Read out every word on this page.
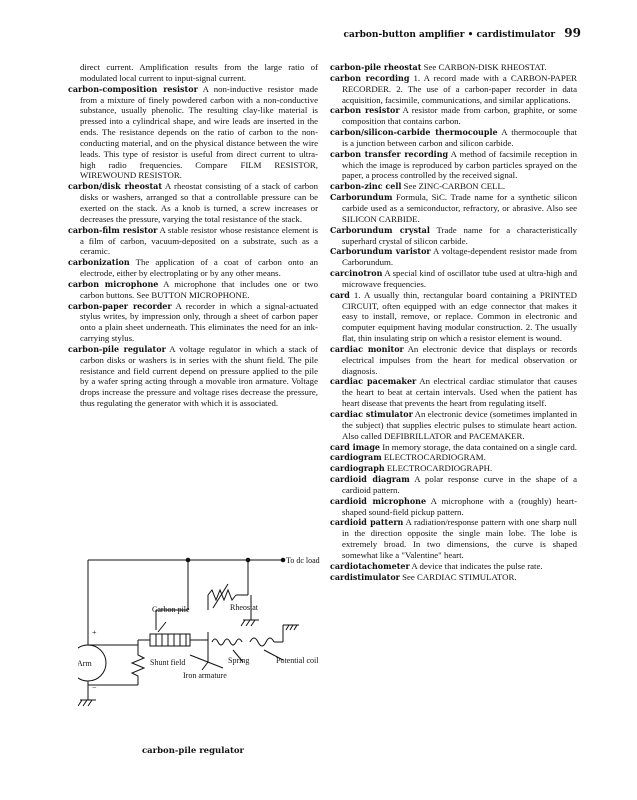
carbon-button amplifier • cardistimulator 99

direct current. Amplification results from the large ratio of modulated local current to input-signal current.

carbon-composition resistor A non-inductive resistor made from a mixture of finely powdered carbon with a non-conductive substance, usually phenolic. The resulting clay-like material is pressed into a cylindrical shape, and wire leads are inserted in the ends. The resistance depends on the ratio of carbon to the non-conducting material, and on the physical distance between the wire leads. This type of resistor is useful from direct current to ultra-high radio frequencies. Compare FILM RESISTOR, WIREWOUND RESISTOR.

carbon/disk rheostat A rheostat consisting of a stack of carbon disks or washers, arranged so that a controllable pressure can be exerted on the stack. As a knob is turned, a screw increases or decreases the pressure, varying the total resistance of the stack.

carbon-film resistor A stable resistor whose resistance element is a film of carbon, vacuum-deposited on a substrate, such as a ceramic.

carbonization The application of a coat of carbon onto an electrode, either by electroplating or by any other means.

carbon microphone A microphone that includes one or two carbon buttons. See BUTTON MICROPHONE.

carbon-paper recorder A recorder in which a signal-actuated stylus writes, by impression only, through a sheet of carbon paper onto a plain sheet underneath. This eliminates the need for an ink-carrying stylus.

carbon-pile regulator A voltage regulator in which a stack of carbon disks or washers is in series with the shunt field. The pile resistance and field current depend on pressure applied to the pile by a wafer spring acting through a movable iron armature. Voltage drops increase the pressure and voltage rises decrease the pressure, thus regulating the generator with which it is associated.

carbon-pile rheostat See CARBON-DISK RHEOSTAT.

carbon recording 1. A record made with a CARBON-PAPER RECORDER. 2. The use of a carbon-paper recorder in data acquisition, facsimile, communications, and similar applications.

carbon resistor A resistor made from carbon, graphite, or some composition that contains carbon.

carbon/silicon-carbide thermocouple A thermocouple that is a junction between carbon and silicon carbide.

carbon transfer recording A method of facsimile reception in which the image is reproduced by carbon particles sprayed on the paper, a process controlled by the received signal.

carbon-zinc cell See ZINC-CARBON CELL.

Carborundum Formula, SiC. Trade name for a synthetic silicon carbide used as a semiconductor, refractory, or abrasive. Also see SILICON CARBIDE.

Carborundum crystal Trade name for a characteristically superhard crystal of silicon carbide.

Carborundum varistor A voltage-dependent resistor made from Carborundum.

carcinotron A special kind of oscillator tube used at ultra-high and microwave frequencies.

card 1. A usually thin, rectangular board containing a PRINTED CIRCUIT, often equipped with an edge connector that makes it easy to install, remove, or replace. Common in electronic and computer equipment having modular construction. 2. The usually flat, thin insulating strip on which a resistor element is wound.

cardiac monitor An electronic device that displays or records electrical impulses from the heart for medical observation or diagnosis.

cardiac pacemaker An electrical cardiac stimulator that causes the heart to beat at certain intervals. Used when the patient has heart disease that prevents the heart from regulating itself.

cardiac stimulator An electronic device (sometimes implanted in the subject) that supplies electric pulses to stimulate heart action. Also called DEFIBRILLATOR and PACEMAKER.

card image In memory storage, the data contained on a single card.

cardiogram ELECTROCARDIOGRAM.

cardiograph ELECTROCARDIOGRAPH.

cardioid diagram A polar response curve in the shape of a cardioid pattern.

cardioid microphone A microphone with a (roughly) heart-shaped sound-field pickup pattern.

cardioid pattern A radiation/response pattern with one sharp null in the direction opposite the single main lobe. The lobe is extremely broad. In two dimensions, the curve is shaped somewhat like a "Valentine" heart.

cardiotachometer A device that indicates the pulse rate.

cardistimulator See CARDIAC STIMULATOR.

To dc load
Rheostat
Carbon pile
Arm	Shunt field
Iron armature
Spring	Potential coil
+
−
carbon-pile regulator
